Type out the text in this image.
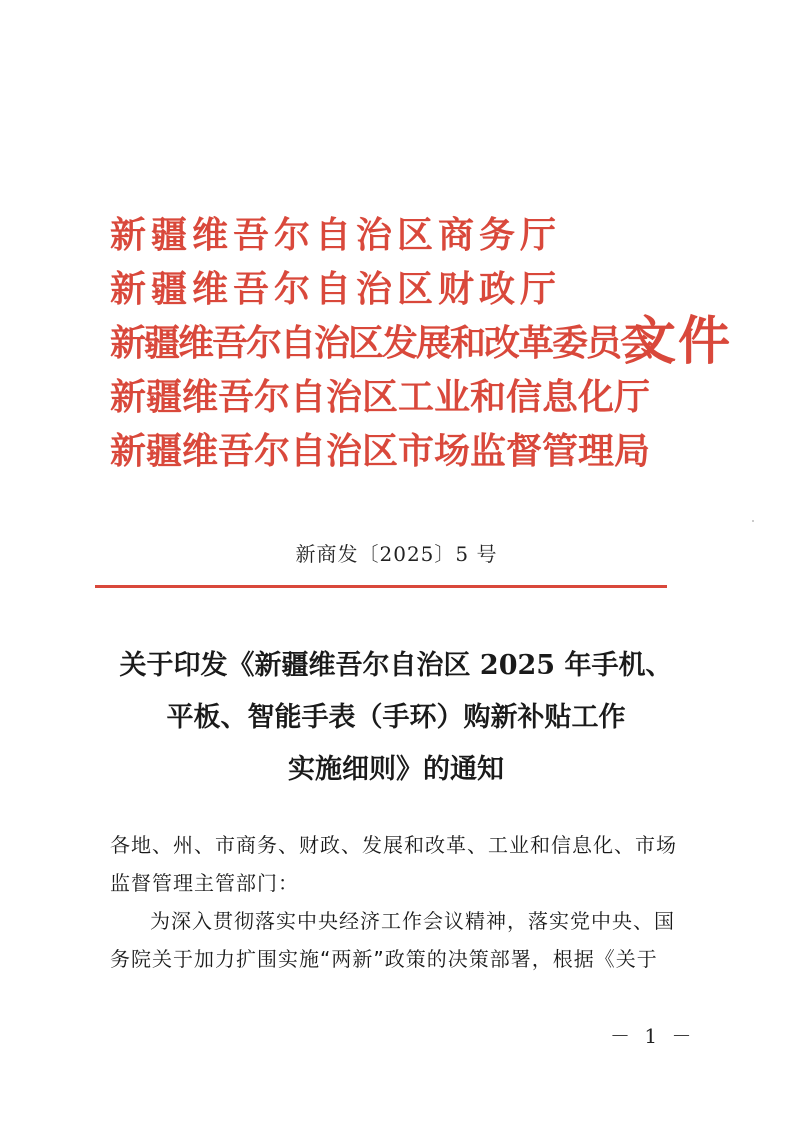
新疆维吾尔自治区商务厅
新疆维吾尔自治区财政厅
新疆维吾尔自治区发展和改革委员会
新疆维吾尔自治区工业和信息化厅
新疆维吾尔自治区市场监督管理局
文件
新商发〔2025〕5 号
关于印发《新疆维吾尔自治区 2025 年手机、
平板、智能手表（手环）购新补贴工作
实施细则》的通知
各地、州、市商务、财政、发展和改革、工业和信息化、市场
监督管理主管部门：
为深入贯彻落实中央经济工作会议精神，落实党中央、国
务院关于加力扩围实施“两新”政策的决策部署，根据《关于
－ 1 －
